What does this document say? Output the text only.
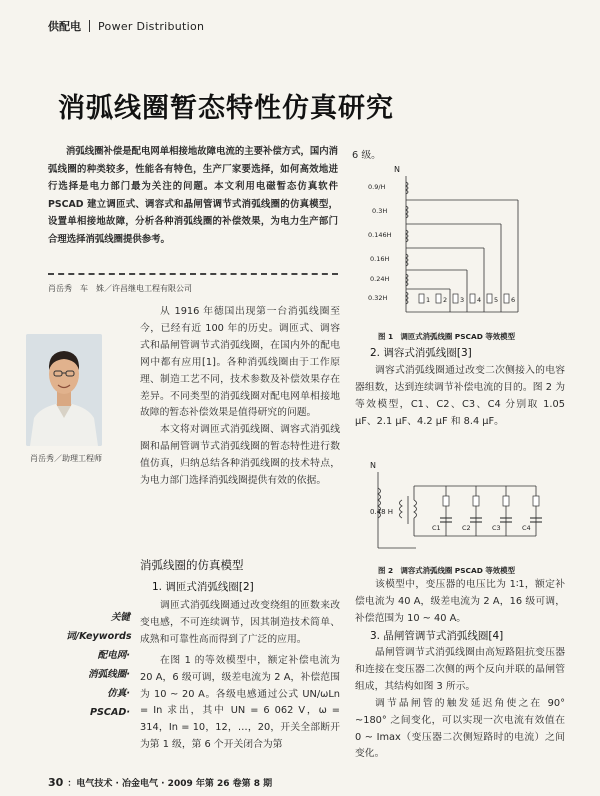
供配电 Power Distribution
消弧线圈暂态特性仿真研究

消弧线圈补偿是配电网单相接地故障电流的主要补偿方式，国内消弧线圈的种类较多，性能各有特色，生产厂家要选择，如何高效地进行选择是电力部门最为关注的问题。本文利用电磁暂态仿真软件 PSCAD 建立调匝式、调容式和晶闸管调节式消弧线圈的仿真模型，设置单相接地故障，分析各种消弧线圈的补偿效果，为电力生产部门合理选择消弧线圈提供参考。

肖岳秀　车　姝／许昌继电工程有限公司
肖岳秀／助理工程师

从 1916 年德国出现第一台消弧线圈至今，已经有近 100 年的历史。调匝式、调容式和晶闸管调节式消弧线圈，在国内外的配电网中都有应用[1]。各种消弧线圈由于工作原理、制造工艺不同，技术参数及补偿效果存在差异。不同类型的消弧线圈对配电网单相接地故障的暂态补偿效果是值得研究的问题。

本文将对调匝式消弧线圈、调容式消弧线圈和晶闸管调节式消弧线圈的暂态特性进行数值仿真，归纳总结各种消弧线圈的技术特点，为电力部门选择消弧线圈提供有效的依据。

消弧线圈的仿真模型
1. 调匝式消弧线圈[2]
关键词/Keywords
配电网·
消弧线圈·
仿真·
PSCAD·

调匝式消弧线圈通过改变绕组的匝数来改变电感，不可连续调节，因其制造技术简单、成熟和可靠性高而得到了广泛的应用。

在图 1 的等效模型中，额定补偿电流为 20 A，6 级可调，级差电流为 2 A，补偿范围为 10 ~ 20 A。各级电感通过公式 UN/ωLn = In 求出，其中 UN = 6 062 V，ω = 314，In = 10，12，…，20，开关全部断开为第 1 级，第 6 个开关闭合为第

6 级。
N
0.9/H
0.3H
0.146H
0.16H
0.24H
0.32H	1 2 3 4 5 6
图 1　调匝式消弧线圈 PSCAD 等效模型
2. 调容式消弧线圈[3]

调容式消弧线圈通过改变二次侧接入的电容器组数，达到连续调节补偿电流的目的。图 2 为等效模型，C1、C2、C3、C4 分别取 1.05 μF、2.1 μF、4.2 μF 和 8.4 μF。

N
0.48 H
C1	C2	C3	C4
图 2　调容式消弧线圈 PSCAD 等效模型

该模型中，变压器的电压比为 1∶1，额定补偿电流为 40 A，级差电流为 2 A，16 级可调，补偿范围为 10 ~ 40 A。

3. 晶闸管调节式消弧线圈[4]

晶闸管调节式消弧线圈由高短路阻抗变压器和连接在变压器二次侧的两个反向并联的晶闸管组成，其结构如图 3 所示。

调节晶闸管的触发延迟角使之在 90° ~180° 之间变化，可以实现一次电流有效值在 0 ~ Imax（变压器二次侧短路时的电流）之间变化。

30 ：电气技术 · 冶金电气 · 2009 年第 26 卷第 8 期
